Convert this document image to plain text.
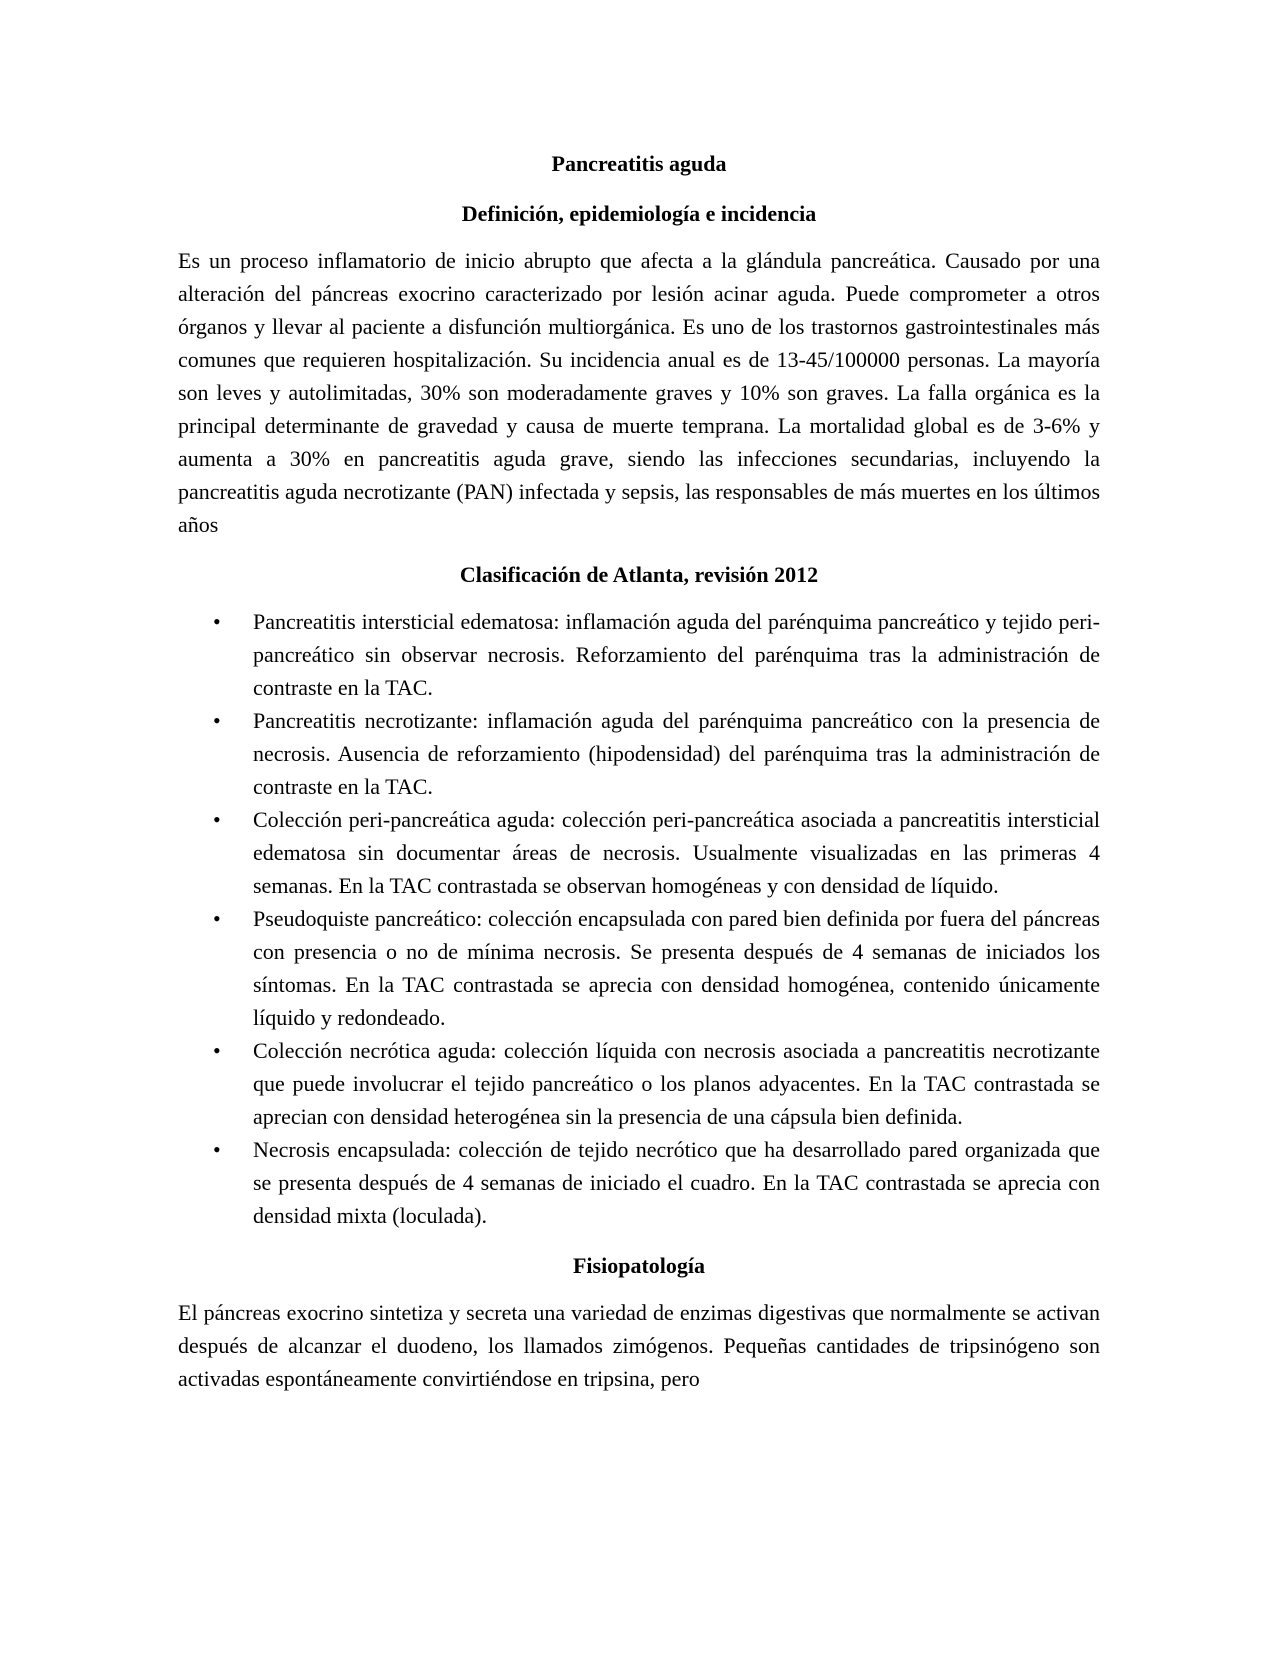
Pancreatitis aguda
Definición, epidemiología e incidencia

Es un proceso inflamatorio de inicio abrupto que afecta a la glándula pancreática. Causado por una alteración del páncreas exocrino caracterizado por lesión acinar aguda. Puede comprometer a otros órganos y llevar al paciente a disfunción multiorgánica. Es uno de los trastornos gastrointestinales más comunes que requieren hospitalización. Su incidencia anual es de 13-45/100000 personas. La mayoría son leves y autolimitadas, 30% son moderadamente graves y 10% son graves. La falla orgánica es la principal determinante de gravedad y causa de muerte temprana. La mortalidad global es de 3-6% y aumenta a 30% en pancreatitis aguda grave, siendo las infecciones secundarias, incluyendo la pancreatitis aguda necrotizante (PAN) infectada y sepsis, las responsables de más muertes en los últimos años

Clasificación de Atlanta, revisión 2012
• Pancreatitis intersticial edematosa: inflamación aguda del parénquima pancreático y tejido peri-pancreático sin observar necrosis. Reforzamiento del parénquima tras la administración de contraste en la TAC.
• Pancreatitis necrotizante: inflamación aguda del parénquima pancreático con la presencia de necrosis. Ausencia de reforzamiento (hipodensidad) del parénquima tras la administración de contraste en la TAC.
• Colección peri-pancreática aguda: colección peri-pancreática asociada a pancreatitis intersticial edematosa sin documentar áreas de necrosis. Usualmente visualizadas en las primeras 4 semanas. En la TAC contrastada se observan homogéneas y con densidad de líquido.
• Pseudoquiste pancreático: colección encapsulada con pared bien definida por fuera del páncreas con presencia o no de mínima necrosis. Se presenta después de 4 semanas de iniciados los síntomas. En la TAC contrastada se aprecia con densidad homogénea, contenido únicamente líquido y redondeado.
• Colección necrótica aguda: colección líquida con necrosis asociada a pancreatitis necrotizante que puede involucrar el tejido pancreático o los planos adyacentes. En la TAC contrastada se aprecian con densidad heterogénea sin la presencia de una cápsula bien definida.
• Necrosis encapsulada: colección de tejido necrótico que ha desarrollado pared organizada que se presenta después de 4 semanas de iniciado el cuadro. En la TAC contrastada se aprecia con densidad mixta (loculada).
Fisiopatología

El páncreas exocrino sintetiza y secreta una variedad de enzimas digestivas que normalmente se activan después de alcanzar el duodeno, los llamados zimógenos. Pequeñas cantidades de tripsinógeno son activadas espontáneamente convirtiéndose en tripsina, pero
